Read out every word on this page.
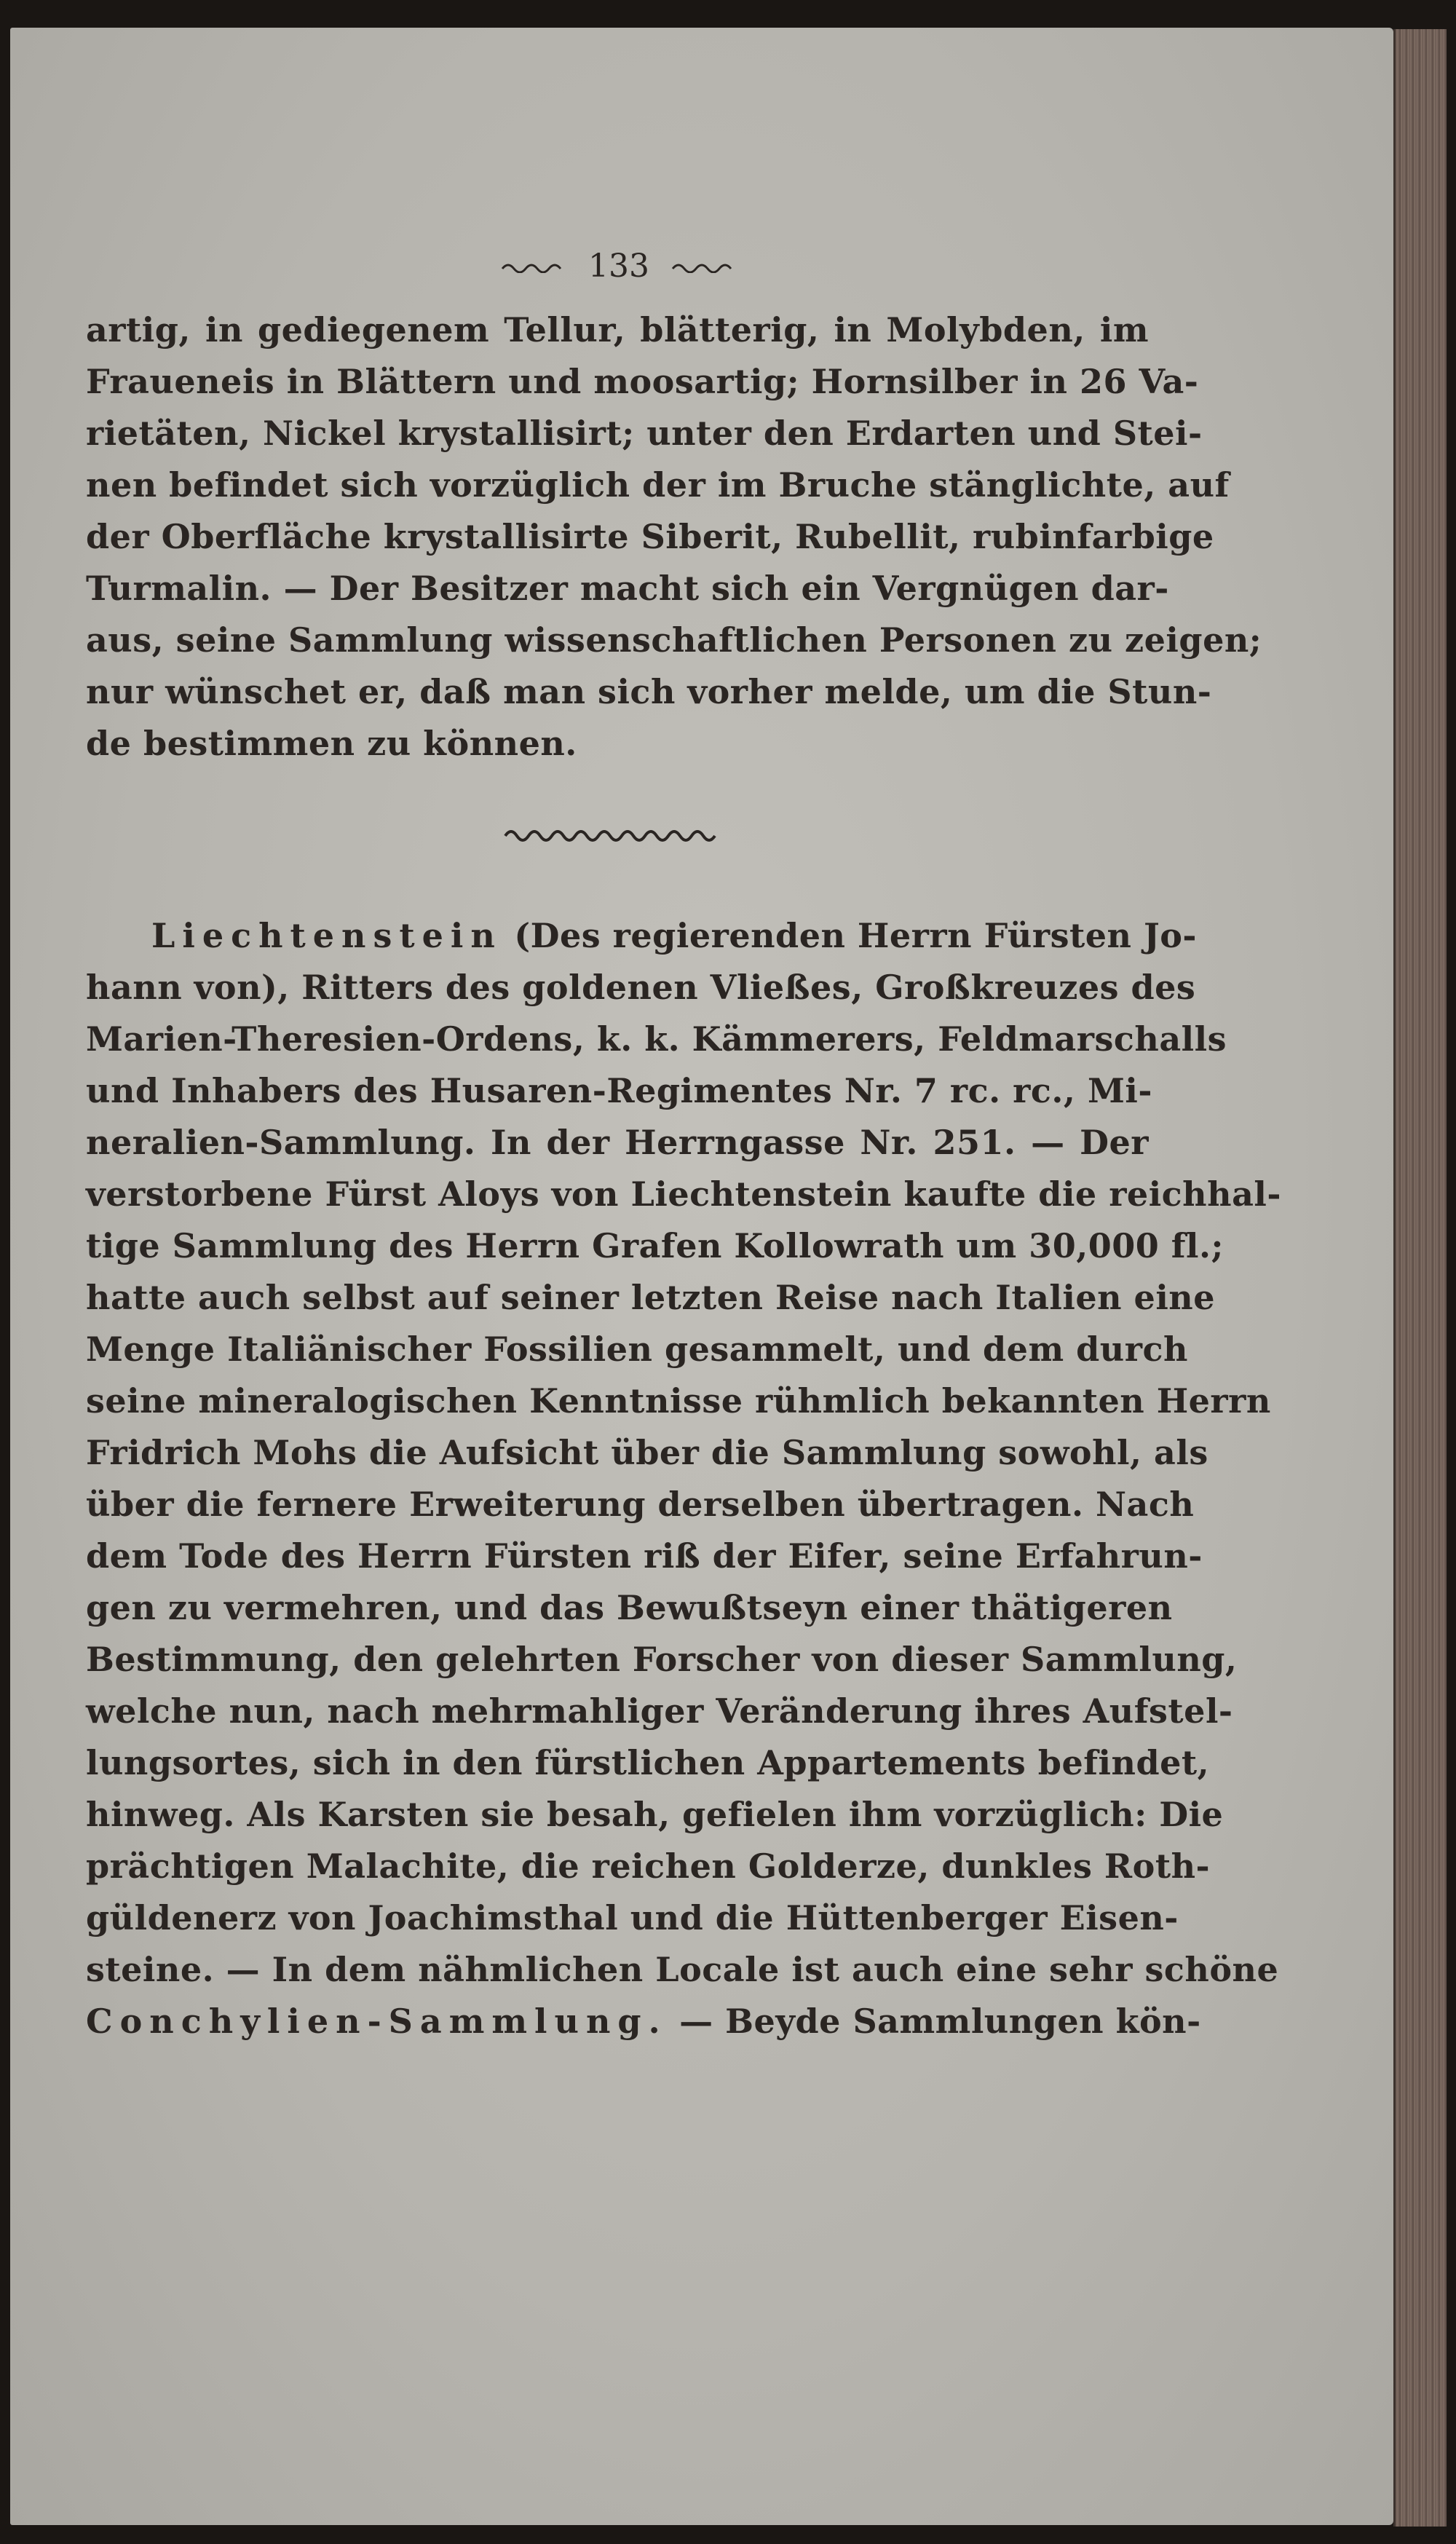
133
artig, in gediegenem Tellur, blätterig, in Molybden, im
Fraueneis in Blättern und moosartig; Hornsilber in 26 Va-
rietäten, Nickel krystallisirt; unter den Erdarten und Stei-
nen befindet sich vorzüglich der im Bruche stänglichte, auf
der Oberfläche krystallisirte Siberit, Rubellit, rubinfarbige
Turmalin. — Der Besitzer macht sich ein Vergnügen dar-
aus, seine Sammlung wissenschaftlichen Personen zu zeigen;
nur wünschet er, daß man sich vorher melde, um die Stun-
de bestimmen zu können.
Liechtenstein (Des regierenden Herrn Fürsten Jo-
hann von), Ritters des goldenen Vließes, Großkreuzes des
Marien-Theresien-Ordens, k. k. Kämmerers, Feldmarschalls
und Inhabers des Husaren-Regimentes Nr. 7 rc. rc., Mi-
neralien-Sammlung. In der Herrngasse Nr. 251. — Der
verstorbene Fürst Aloys von Liechtenstein kaufte die reichhal-
tige Sammlung des Herrn Grafen Kollowrath um 30,000 fl.;
hatte auch selbst auf seiner letzten Reise nach Italien eine
Menge Italiänischer Fossilien gesammelt, und dem durch
seine mineralogischen Kenntnisse rühmlich bekannten Herrn
Fridrich Mohs die Aufsicht über die Sammlung sowohl, als
über die fernere Erweiterung derselben übertragen. Nach
dem Tode des Herrn Fürsten riß der Eifer, seine Erfahrun-
gen zu vermehren, und das Bewußtseyn einer thätigeren
Bestimmung, den gelehrten Forscher von dieser Sammlung,
welche nun, nach mehrmahliger Veränderung ihres Aufstel-
lungsortes, sich in den fürstlichen Appartements befindet,
hinweg. Als Karsten sie besah, gefielen ihm vorzüglich: Die
prächtigen Malachite, die reichen Golderze, dunkles Roth-
güldenerz von Joachimsthal und die Hüttenberger Eisen-
steine. — In dem nähmlichen Locale ist auch eine sehr schöne
Conchylien-Sammlung. — Beyde Sammlungen kön-
